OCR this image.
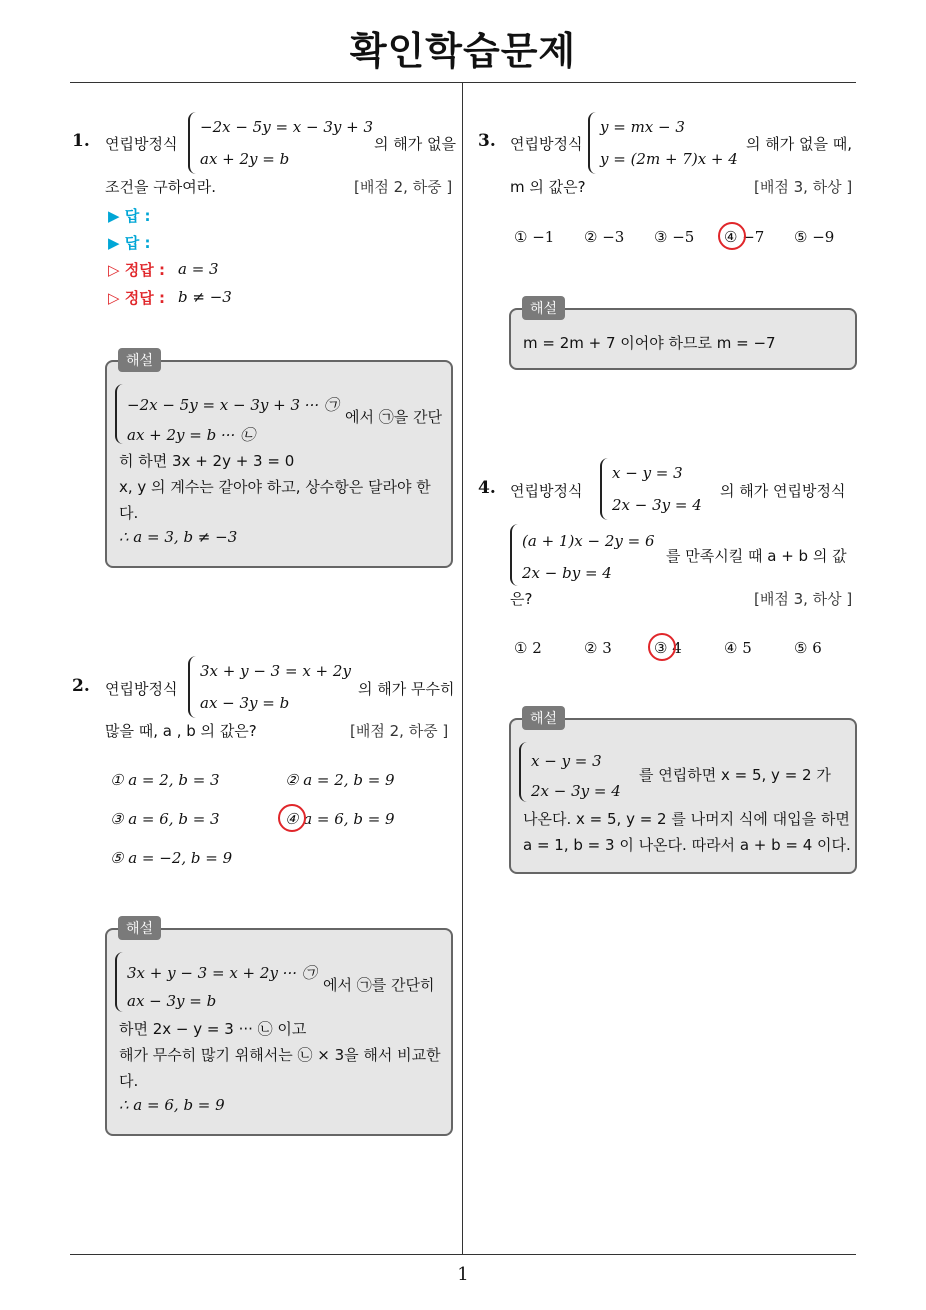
확인학습문제
1
1. 연립방정식
−2x − 5y = x − 3y + 3
ax + 2y = b
의 해가 없을
조건을 구하여라.	[배점 2, 하중 ]
▶ 답 :
▶ 답 :
▷ 정답 : a = 3
▷ 정답 : b ≠ −3
−2x − 5y = x − 3y + 3 ··· ㉠
ax + 2y = b ··· ㉡
에서 ㉠을 간단
히 하면 3x + 2y + 3 = 0
x, y 의 계수는 같아야 하고, 상수항은 달라야 한
다.
∴ a = 3, b ≠ −3
해설
2. 연립방정식
3x + y − 3 = x + 2y
ax − 3y = b
의 해가 무수히
많을 때, a , b 의 값은?	[배점 2, 하중 ]
① a = 2, b = 3	② a = 2, b = 9
③ a = 6, b = 3	④ a = 6, b = 9
⑤ a = −2, b = 9
3x + y − 3 = x + 2y ··· ㉠
ax − 3y = b
에서 ㉠를 간단히
하면 2x − y = 3 ··· ㉡ 이고
해가 무수히 많기 위해서는 ㉡ × 3을 해서 비교한
다.
∴ a = 6, b = 9
해설
3. 연립방정식
y = mx − 3
y = (2m + 7)x + 4
의 해가 없을 때,
m 의 값은?	[배점 3, 하상 ]
① −1 ② −3 ③ −5 ④ −7 ⑤ −9
m = 2m + 7 이어야 하므로 m = −7
해설
4. 연립방정식
x − y = 3
2x − 3y = 4
의 해가 연립방정식
(a + 1)x − 2y = 6
2x − by = 4
를 만족시킬 때 a + b 의 값
은?	[배점 3, 하상 ]
① 2	② 3	③ 4	④ 5	⑤ 6
x − y = 3
2x − 3y = 4
를 연립하면 x = 5, y = 2 가
나온다. x = 5, y = 2 를 나머지 식에 대입을 하면
a = 1, b = 3 이 나온다. 따라서 a + b = 4 이다.
해설
